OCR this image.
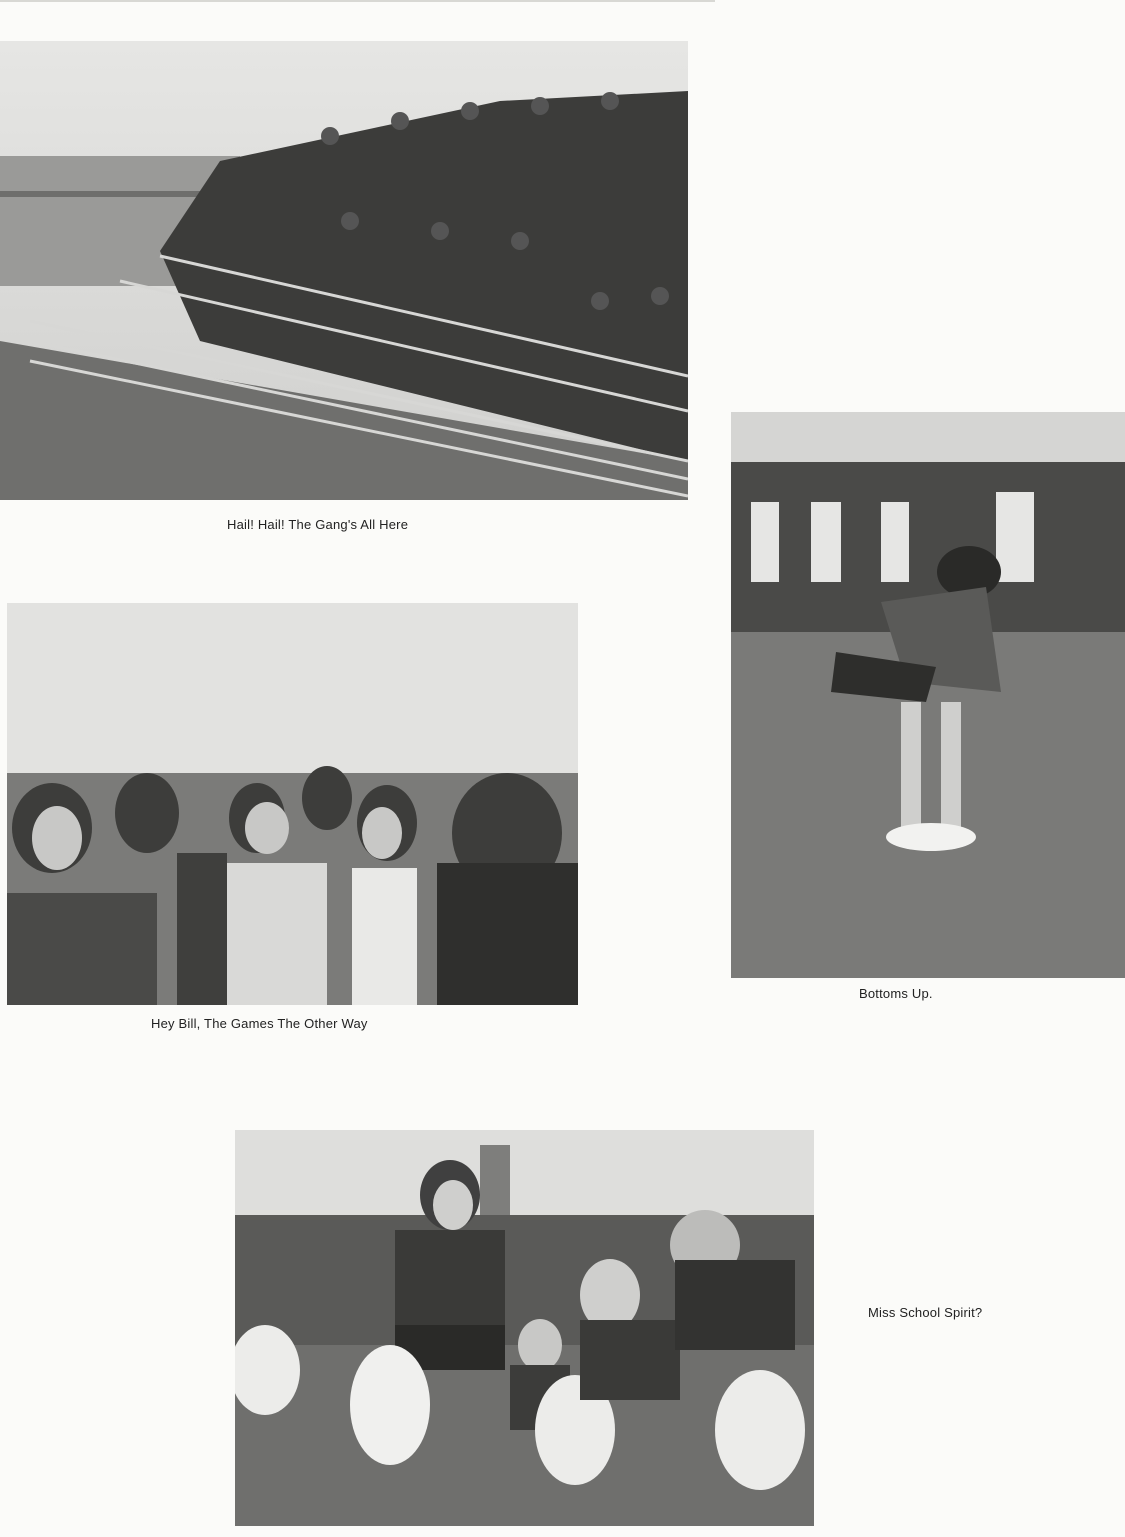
Hail! Hail! The Gang's All Here
Bottoms Up.
Hey Bill, The Games The Other Way
Miss School Spirit?
